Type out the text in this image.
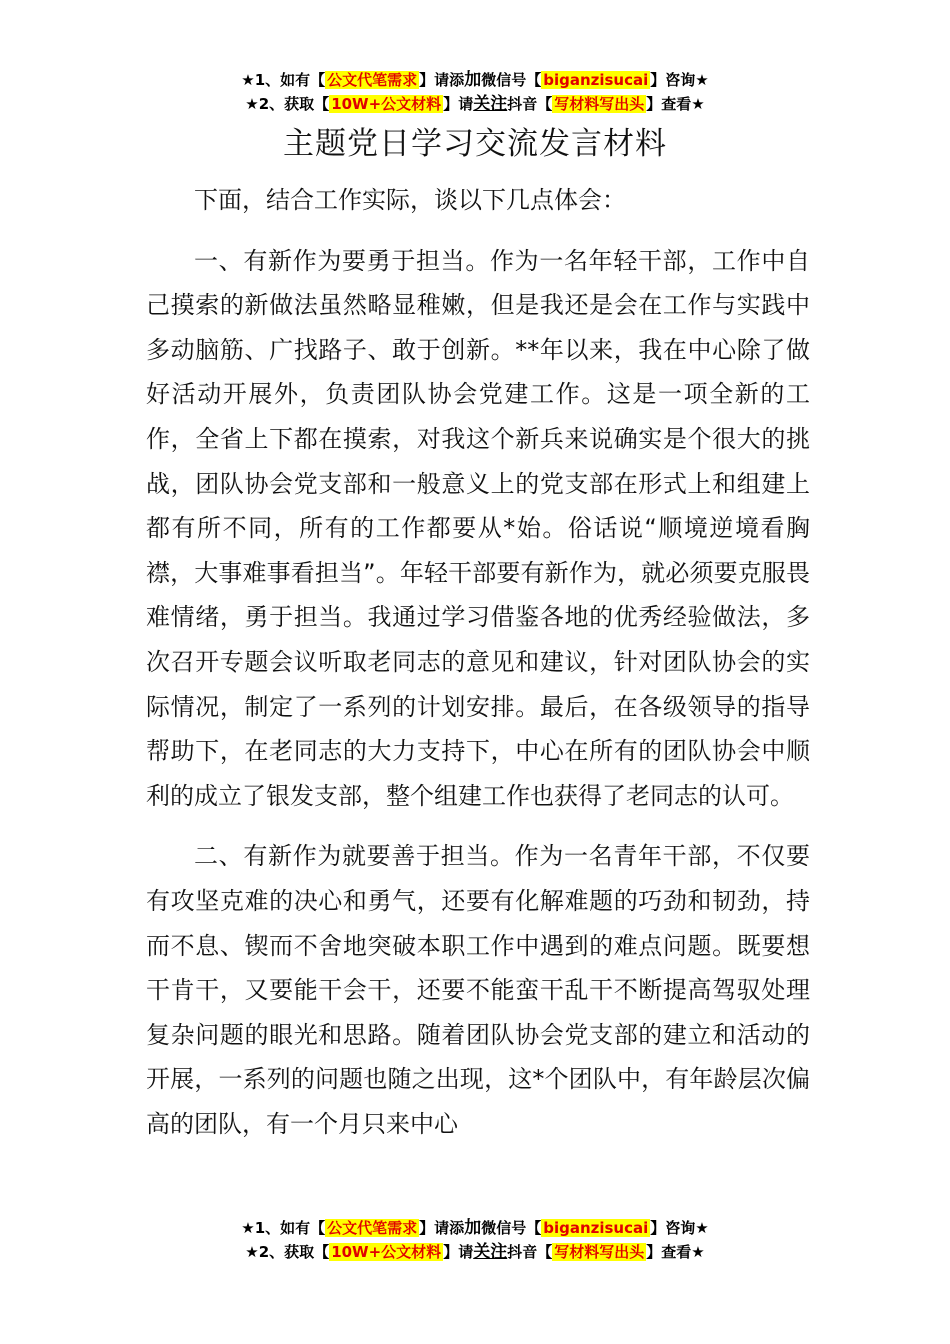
★1、如有【 公文代笔需求 】请添加微信号【 biganzisucai 】咨询★
★2、获取【 10W+公文材料 】请关注抖音【 写材料写出头 】查看★
主题党日学习交流发言材料

下面，结合工作实际，谈以下几点体会：

一、有新作为要勇于担当。作为一名年轻干部，工作中自己摸索的新做法虽然略显稚嫩，但是我还是会在工作与实践中多动脑筋、广找路子、敢于创新。**年以来，我在中心除了做好活动开展外，负责团队协会党建工作。这是一项全新的工作，全省上下都在摸索，对我这个新兵来说确实是个很大的挑战，团队协会党支部和一般意义上的党支部在形式上和组建上都有所不同，所有的工作都要从*始。俗话说“顺境逆境看胸襟，大事难事看担当”。年轻干部要有新作为，就必须要克服畏难情绪，勇于担当。我通过学习借鉴各地的优秀经验做法，多次召开专题会议听取老同志的意见和建议，针对团队协会的实际情况，制定了一系列的计划安排。最后，在各级领导的指导帮助下，在老同志的大力支持下，中心在所有的团队协会中顺利的成立了银发支部，整个组建工作也获得了老同志的认可。

二、有新作为就要善于担当。作为一名青年干部，不仅要有攻坚克难的决心和勇气，还要有化解难题的巧劲和韧劲，持而不息、锲而不舍地突破本职工作中遇到的难点问题。既要想干肯干，又要能干会干，还要不能蛮干乱干不断提高驾驭处理复杂问题的眼光和思路。随着团队协会党支部的建立和活动的开展，一系列的问题也随之出现，这*个团队中，有年龄层次偏高的团队，有一个月只来中心

★1、如有【 公文代笔需求 】请添加微信号【 biganzisucai 】咨询★
★2、获取【 10W+公文材料 】请关注抖音【 写材料写出头 】查看★
